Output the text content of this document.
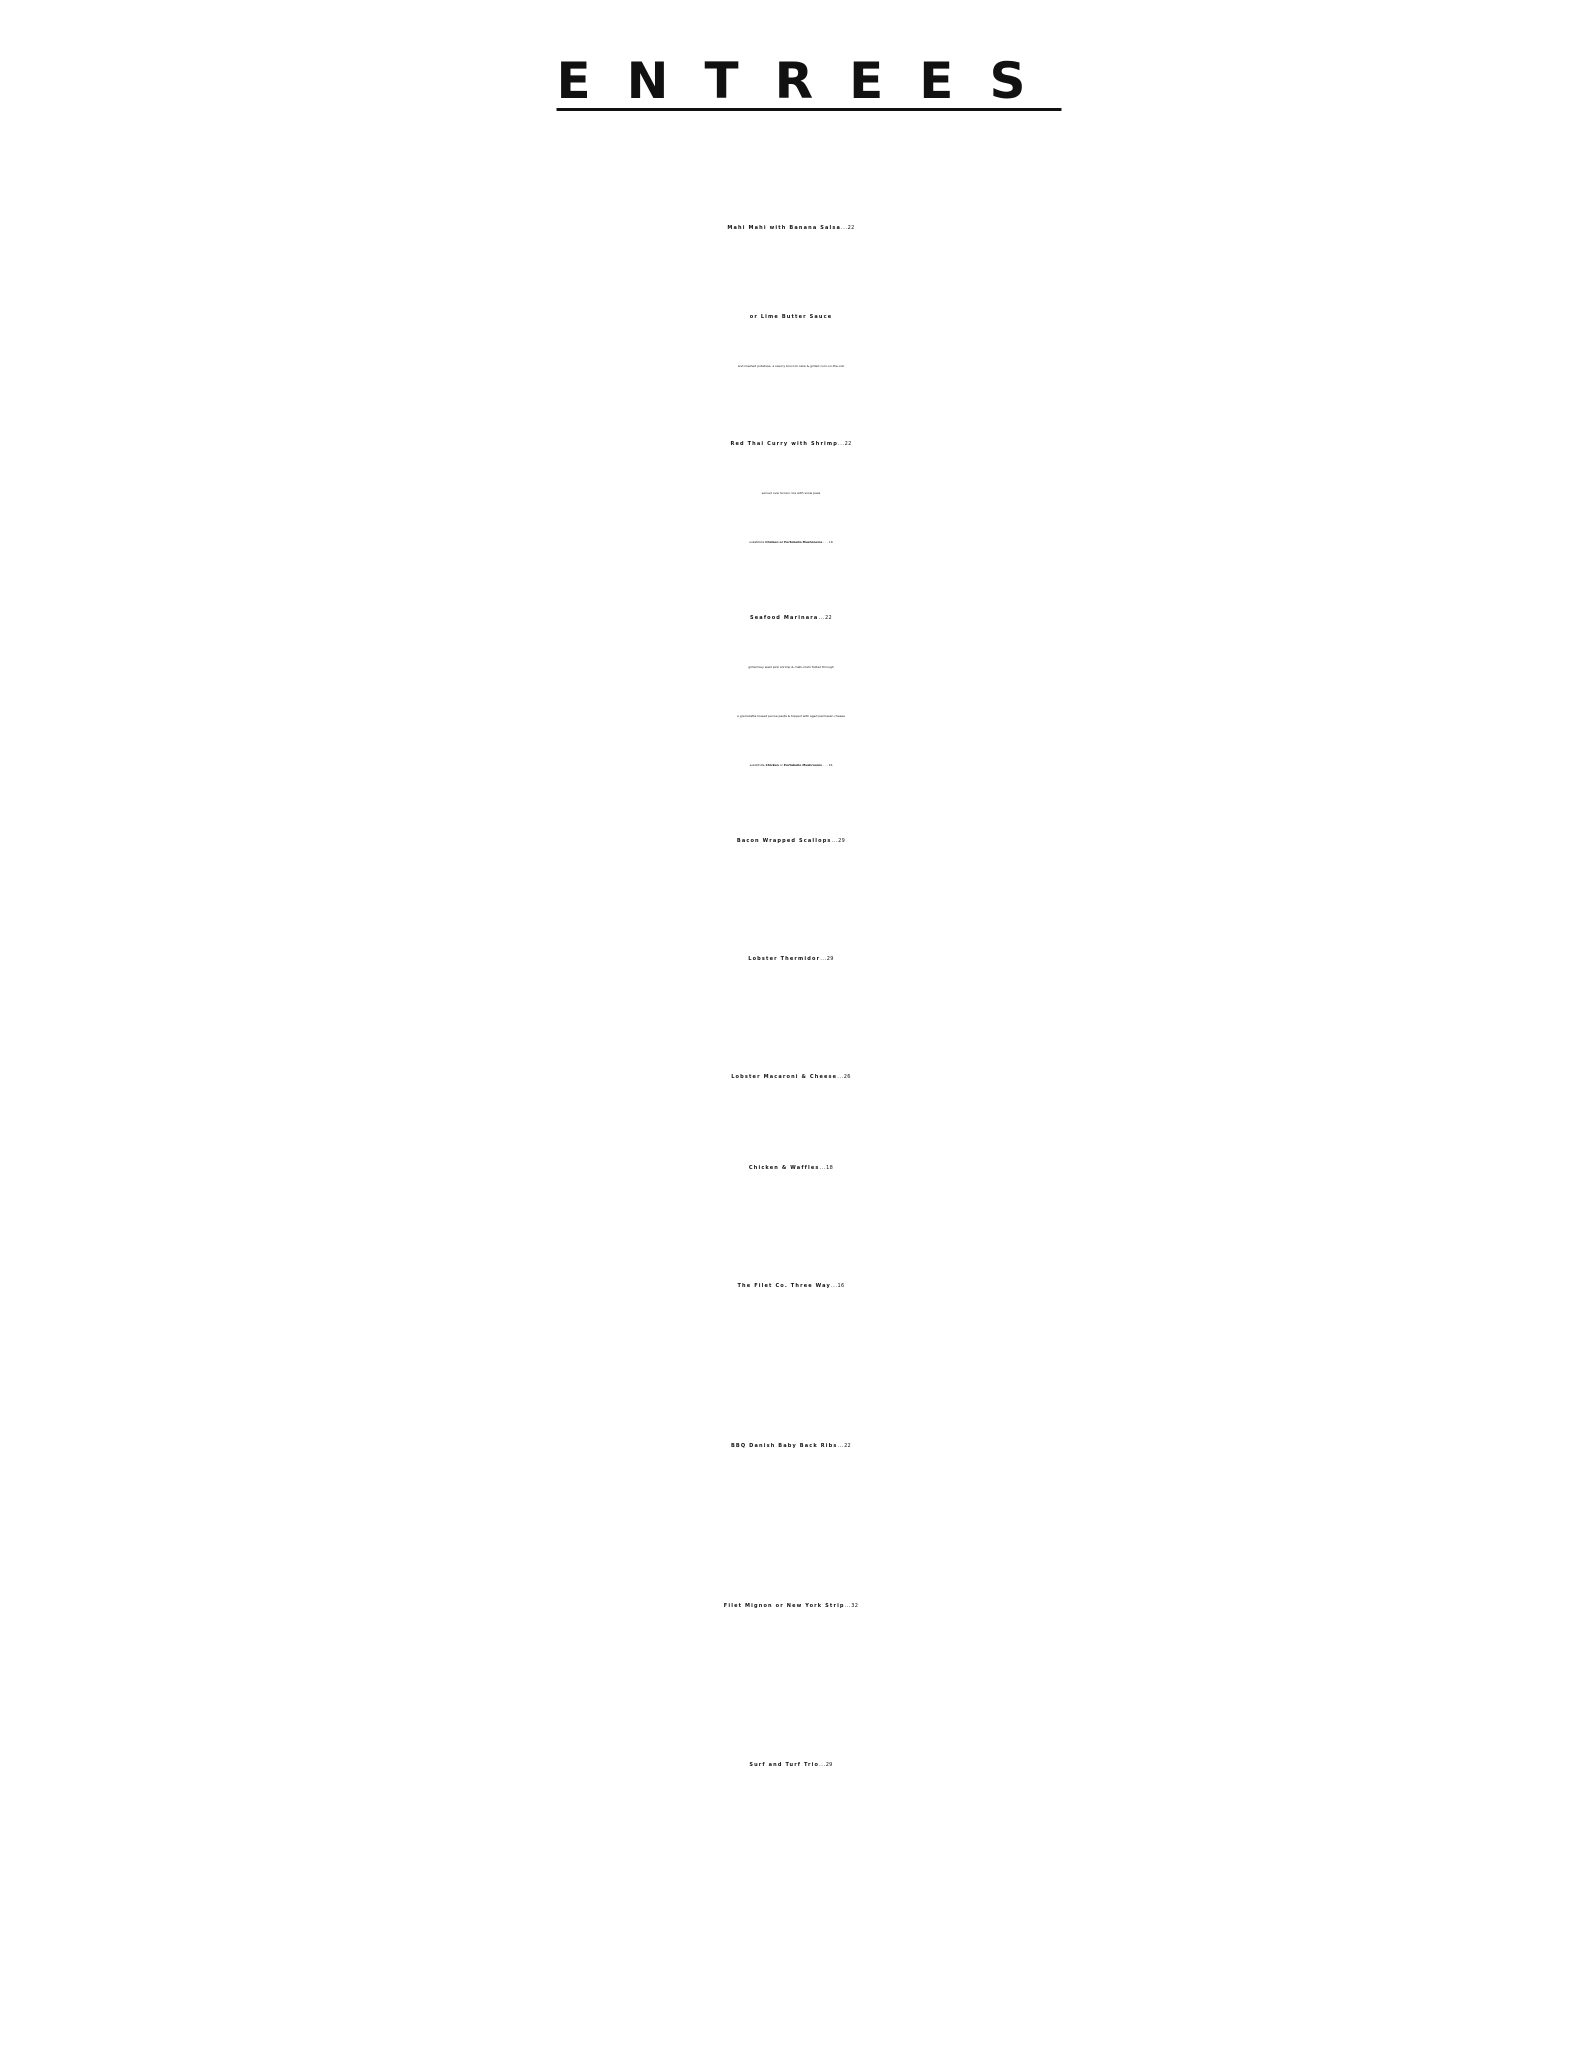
ENTREES
Mahi Mahi with Banana Salsa...22
or Lime Butter Sauce
and mashed potatoes, a savory broccoli cake & grilled corn-on-the-cob
Red Thai Curry with Shrimp...22
served over brown rice with snow peas
substitute Chicken or Portobello Mushrooms . . . 16
Seafood Marinara...22
grilled key west pink shrimp & mahi-mahi folded through
a gremolatta tossed penne pasta & topped with aged parmesan cheese
substitute Chicken or Portabello Mushrooms . . . 16
Bacon Wrapped Scallops...29
Lobster Thermidor...29
Lobster Macaroni & Cheese...26
Chicken & Waffles...18
The Filet Co. Three Way...16
BBQ Danish Baby Back Ribs...22
Filet Mignon or New York Strip...32
Surf and Turf Trio...29
